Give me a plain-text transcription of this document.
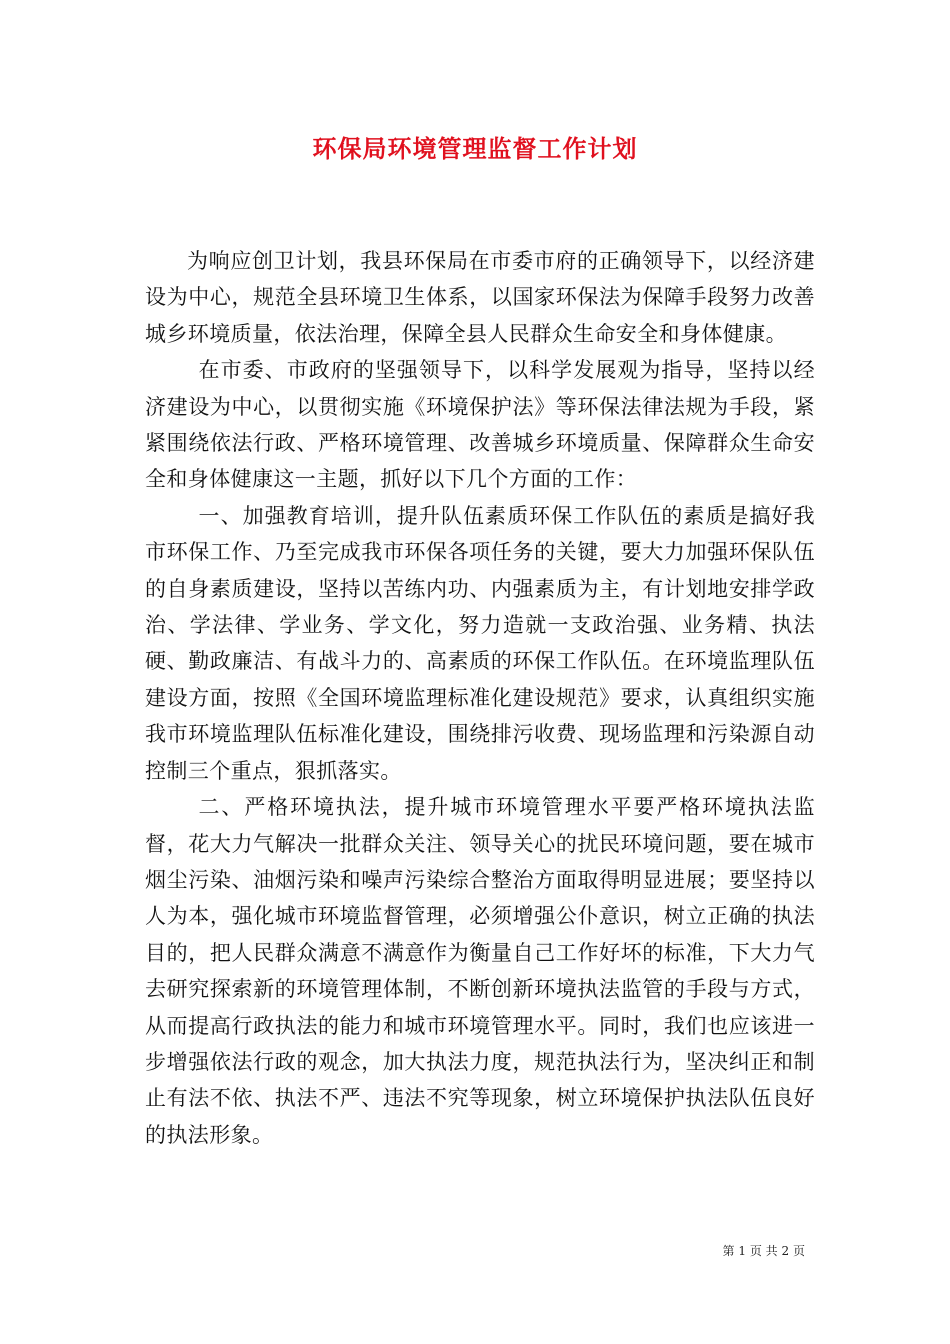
环保局环境管理监督工作计划

为响应创卫计划，我县环保局在市委市府的正确领导下，以经济建设为中心，规范全县环境卫生体系，以国家环保法为保障手段努力改善城乡环境质量，依法治理，保障全县人民群众生命安全和身体健康。

在市委、市政府的坚强领导下，以科学发展观为指导，坚持以经济建设为中心，以贯彻实施《环境保护法》等环保法律法规为手段，紧紧围绕依法行政、严格环境管理、改善城乡环境质量、保障群众生命安全和身体健康这一主题，抓好以下几个方面的工作：

一、加强教育培训，提升队伍素质环保工作队伍的素质是搞好我市环保工作、乃至完成我市环保各项任务的关键，要大力加强环保队伍的自身素质建设，坚持以苦练内功、内强素质为主，有计划地安排学政治、学法律、学业务、学文化，努力造就一支政治强、业务精、执法硬、勤政廉洁、有战斗力的、高素质的环保工作队伍。在环境监理队伍建设方面，按照《全国环境监理标准化建设规范》要求，认真组织实施我市环境监理队伍标准化建设，围绕排污收费、现场监理和污染源自动控制三个重点，狠抓落实。

二、严格环境执法，提升城市环境管理水平要严格环境执法监督，花大力气解决一批群众关注、领导关心的扰民环境问题，要在城市烟尘污染、油烟污染和噪声污染综合整治方面取得明显进展；要坚持以人为本，强化城市环境监督管理，必须增强公仆意识，树立正确的执法目的，把人民群众满意不满意作为衡量自己工作好坏的标准，下大力气去研究探索新的环境管理体制，不断创新环境执法监管的手段与方式，从而提高行政执法的能力和城市环境管理水平。同时，我们也应该进一步增强依法行政的观念，加大执法力度，规范执法行为，坚决纠正和制止有法不依、执法不严、违法不究等现象，树立环境保护执法队伍良好的执法形象。

第 1 页 共 2 页
